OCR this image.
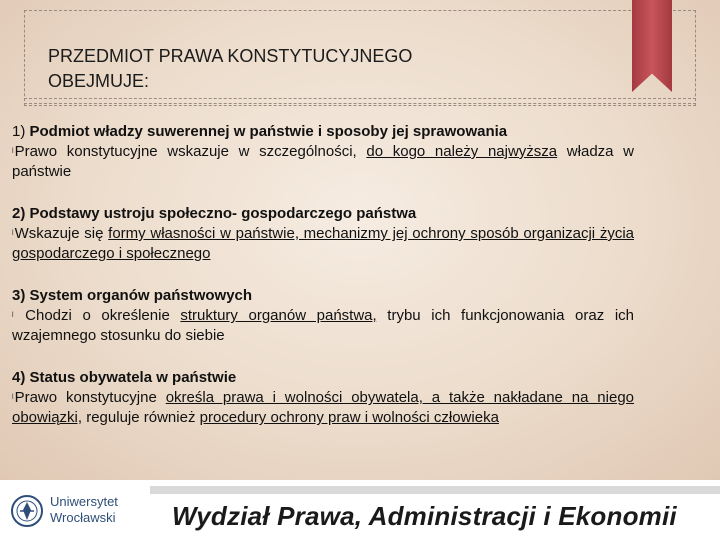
PRZEDMIOT PRAWA KONSTYTUCYJNEGO
OBEJMUJE:

1) Podmiot władzy suwerennej w państwie i sposoby jej sprawowania

lPrawo konstytucyjne wskazuje w szczególności, do kogo należy najwyższa władza w państwie

2) Podstawy ustroju społeczno- gospodarczego państwa

lWskazuje się formy własności w państwie, mechanizmy jej ochrony sposób organizacji życia gospodarczego i społecznego

3) System organów państwowych

l Chodzi o określenie struktury organów państwa, trybu ich funkcjonowania oraz ich wzajemnego stosunku do siebie

4) Status obywatela w państwie

lPrawo konstytucyjne określa prawa i wolności obywatela, a także nakładane na niego obowiązki, reguluje również procedury ochrony praw i wolności człowieka

Uniwersytet
Wrocławski Wydział Prawa, Administracji i Ekonomii
